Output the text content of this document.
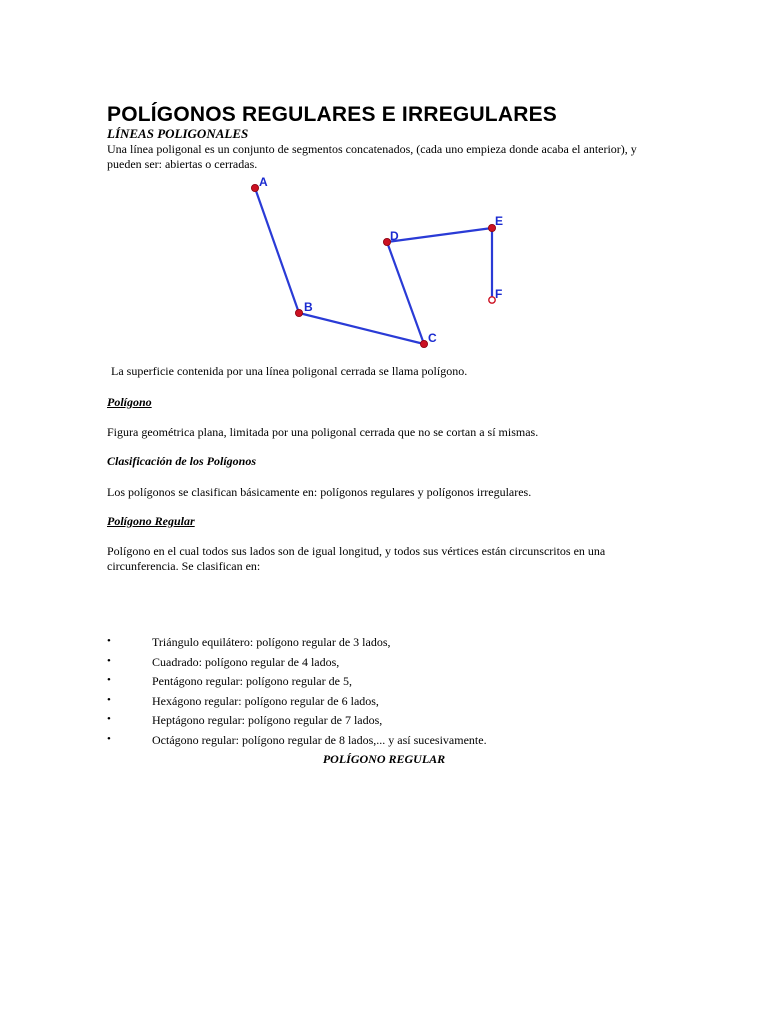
POLÍGONOS REGULARES E IRREGULARES
LÍNEAS POLIGONALES

Una línea poligonal es un conjunto de segmentos concatenados, (cada uno empieza donde acaba el anterior), y pueden ser: abiertas o cerradas.

A
B
C
D
E
F

La superficie contenida por una línea poligonal cerrada se llama polígono.

Polígono

Figura geométrica plana, limitada por una poligonal cerrada que no se cortan a sí mismas.

Clasificación de los Polígonos

Los polígonos se clasifican básicamente en: polígonos regulares y polígonos irregulares.

Polígono Regular

Polígono en el cual todos sus lados son de igual longitud, y todos sus vértices están circunscritos en una circunferencia. Se clasifican en:

•	Triángulo equilátero: polígono regular de 3 lados,
•	Cuadrado: polígono regular de 4 lados,
•	Pentágono regular: polígono regular de 5,
•	Hexágono regular: polígono regular de 6 lados,
•	Heptágono regular: polígono regular de 7 lados,
•	Octágono regular: polígono regular de 8 lados,... y así sucesivamente.
POLÍGONO REGULAR
